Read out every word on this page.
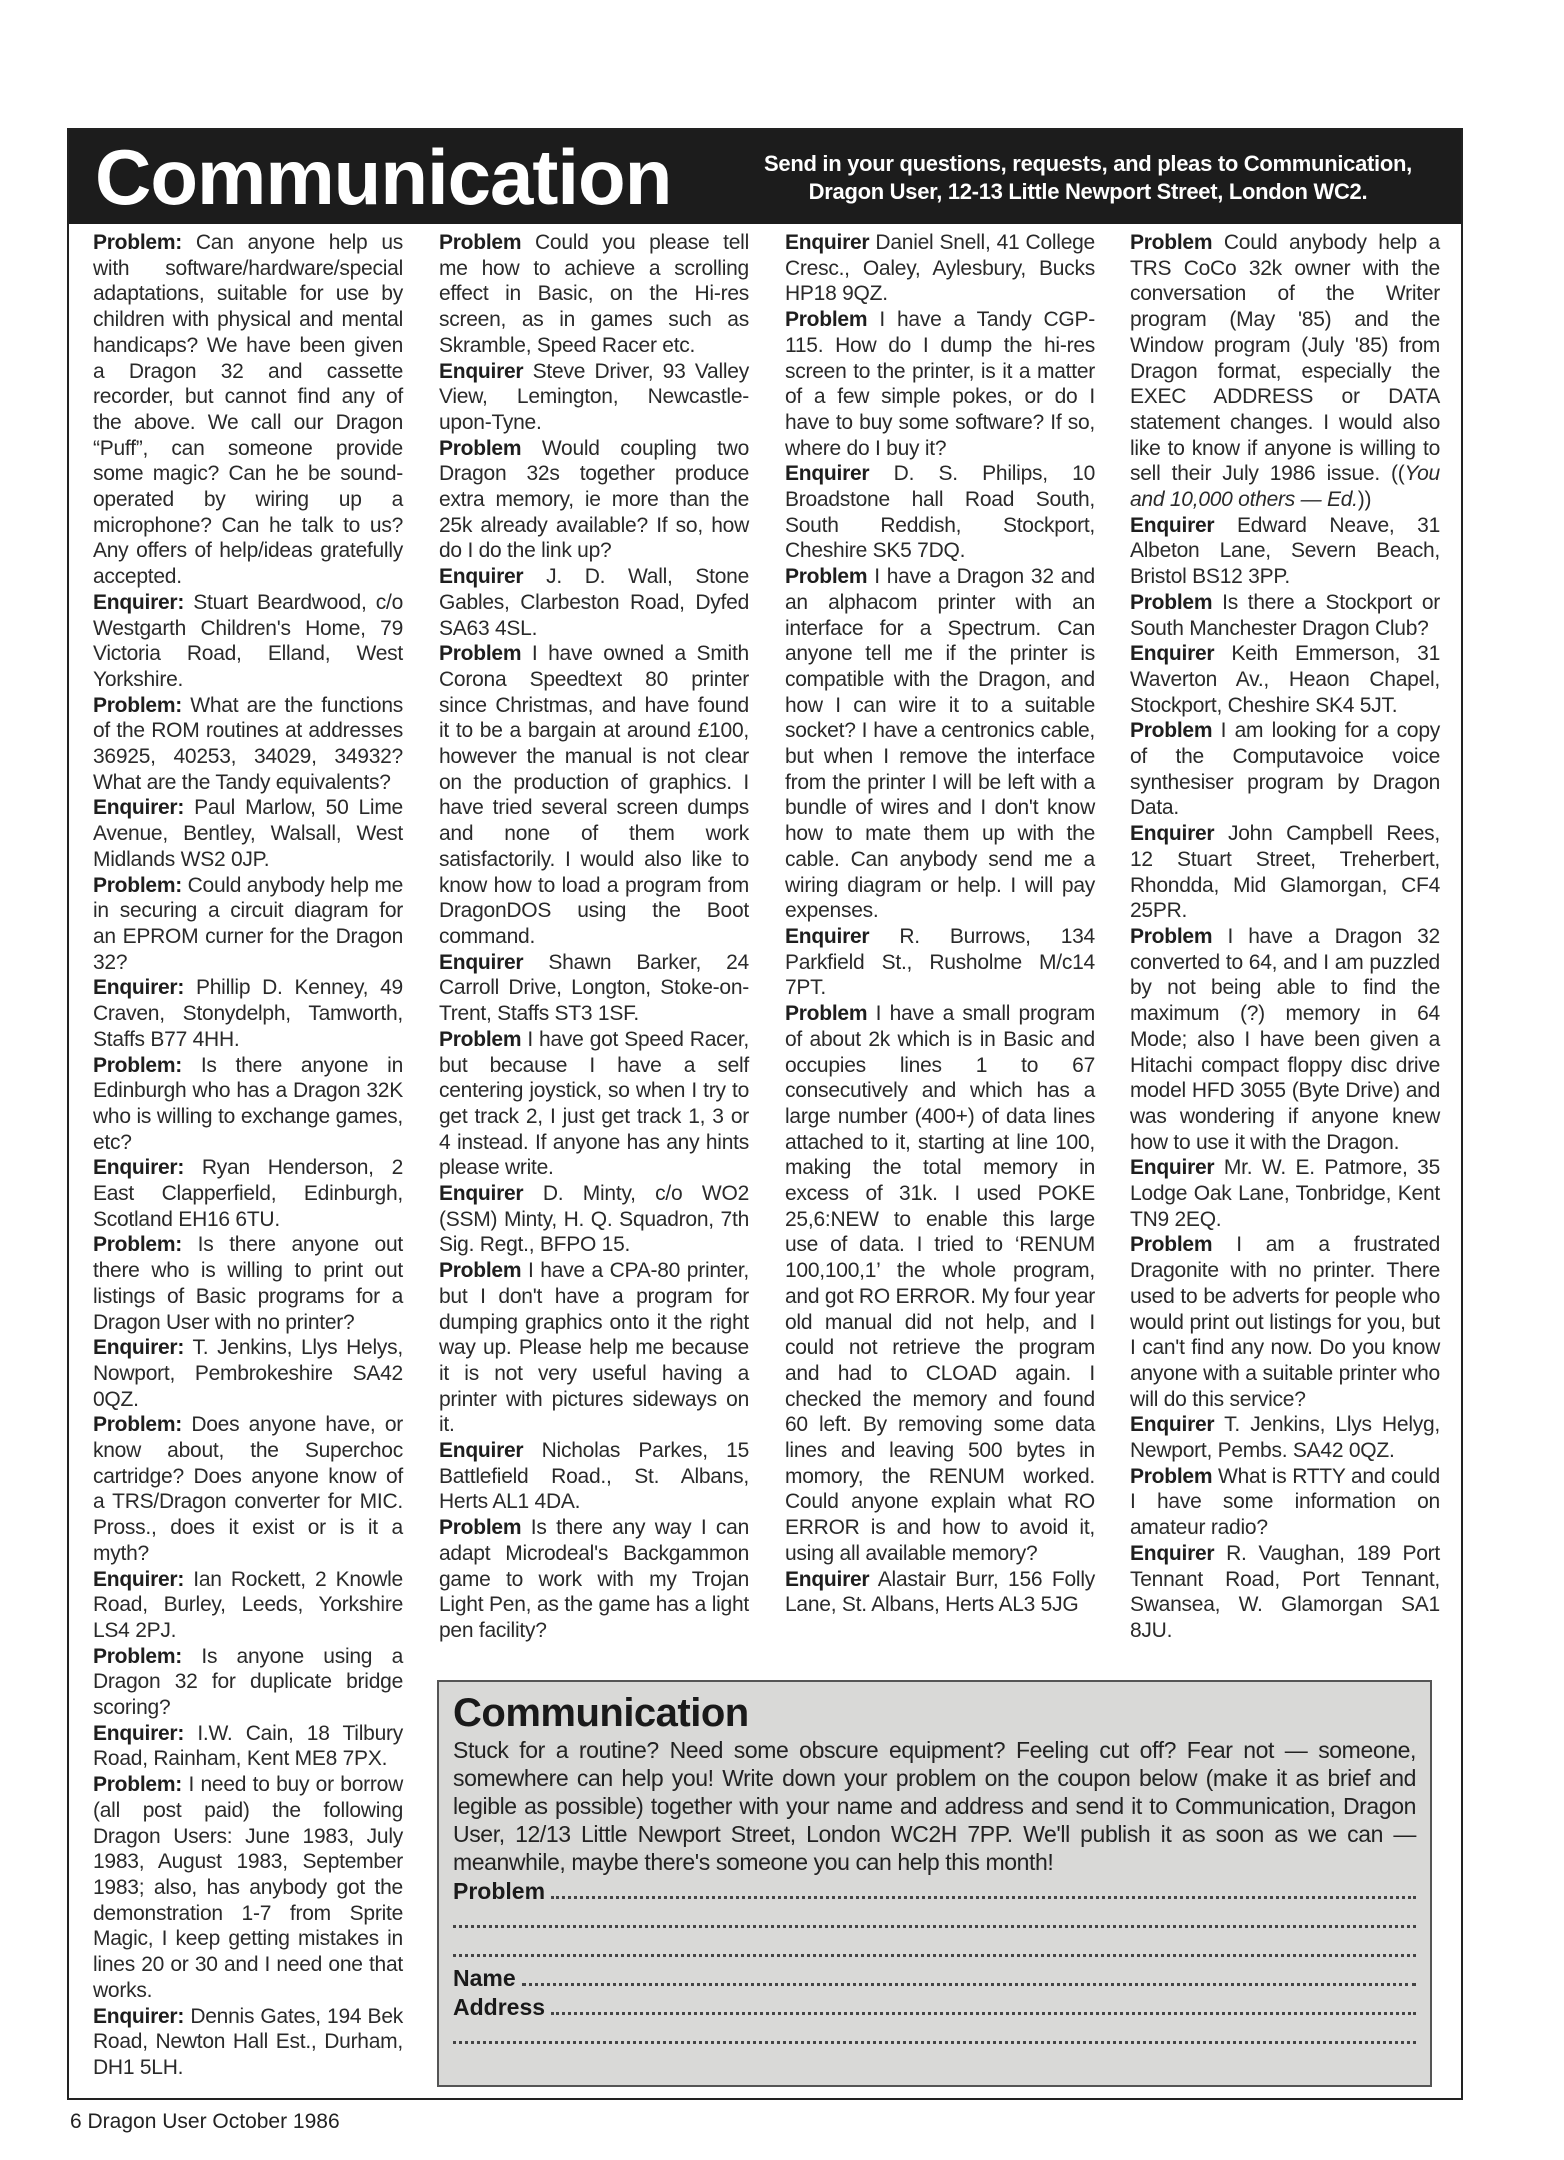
Communication	Send in your questions, requests, and pleas to Communication,
Dragon User, 12-13 Little Newport Street, London WC2.

Problem: Can anyone help us with software/hardware/special adaptations, suitable for use by children with physical and mental handicaps? We have been given a Dragon 32 and cassette recorder, but cannot find any of the above. We call our Dragon “Puff”, can someone provide some magic? Can he be sound-operated by wiring up a microphone? Can he talk to us? Any offers of help/ideas gratefully accepted.

Enquirer: Stuart Beardwood, c/o Westgarth Children's Home, 79 Victoria Road, Elland, West Yorkshire.

Problem: What are the functions of the ROM routines at addresses 36925, 40253, 34029, 34932? What are the Tandy equivalents?

Enquirer: Paul Marlow, 50 Lime Avenue, Bentley, Walsall, West Midlands WS2 0JP.

Problem: Could anybody help me in securing a circuit diagram for an EPROM curner for the Dragon 32?

Enquirer: Phillip D. Kenney, 49 Craven, Stonydelph, Tamworth, Staffs B77 4HH.

Problem: Is there anyone in Edinburgh who has a Dragon 32K who is willing to exchange games, etc?

Enquirer: Ryan Henderson, 2 East Clapperfield, Edinburgh, Scotland EH16 6TU.

Problem: Is there anyone out there who is willing to print out listings of Basic programs for a Dragon User with no printer?

Enquirer: T. Jenkins, Llys Helys, Nowport, Pembrokeshire SA42 0QZ.

Problem: Does anyone have, or know about, the Superchoc cartridge? Does anyone know of a TRS/Dragon converter for MIC. Pross., does it exist or is it a myth?

Enquirer: Ian Rockett, 2 Knowle Road, Burley, Leeds, Yorkshire LS4 2PJ.

Problem: Is anyone using a Dragon 32 for duplicate bridge scoring?

Enquirer: I.W. Cain, 18 Tilbury Road, Rainham, Kent ME8 7PX.

Problem: I need to buy or borrow (all post paid) the following Dragon Users: June 1983, July 1983, August 1983, September 1983; also, has anybody got the demonstration 1-7 from Sprite Magic, I keep getting mistakes in lines 20 or 30 and I need one that works.

Enquirer: Dennis Gates, 194 Bek Road, Newton Hall Est., Durham, DH1 5LH.

Problem Could you please tell me how to achieve a scrolling effect in Basic, on the Hi-res screen, as in games such as Skramble, Speed Racer etc.

Enquirer Steve Driver, 93 Valley View, Lemington, Newcastle-upon-Tyne.

Problem Would coupling two Dragon 32s together produce extra memory, ie more than the 25k already available? If so, how do I do the link up?

Enquirer J. D. Wall, Stone Gables, Clarbeston Road, Dyfed SA63 4SL.

Problem I have owned a Smith Corona Speedtext 80 printer since Christmas, and have found it to be a bargain at around £100, however the manual is not clear on the production of graphics. I have tried several screen dumps and none of them work satisfactorily. I would also like to know how to load a program from DragonDOS using the Boot command.

Enquirer Shawn Barker, 24 Carroll Drive, Longton, Stoke-on-Trent, Staffs ST3 1SF.

Problem I have got Speed Racer, but because I have a self centering joystick, so when I try to get track 2, I just get track 1, 3 or 4 instead. If anyone has any hints please write.

Enquirer D. Minty, c/o WO2 (SSM) Minty, H. Q. Squadron, 7th Sig. Regt., BFPO 15.

Problem I have a CPA-80 printer, but I don't have a program for dumping graphics onto it the right way up. Please help me because it is not very useful having a printer with pictures sideways on it.

Enquirer Nicholas Parkes, 15 Battlefield Road., St. Albans, Herts AL1 4DA.

Problem Is there any way I can adapt Microdeal's Backgammon game to work with my Trojan Light Pen, as the game has a light pen facility?

Enquirer Daniel Snell, 41 College Cresc., Oaley, Aylesbury, Bucks HP18 9QZ.

Problem I have a Tandy CGP-115. How do I dump the hi-res screen to the printer, is it a matter of a few simple pokes, or do I have to buy some software? If so, where do I buy it?

Enquirer D. S. Philips, 10 Broadstone hall Road South, South Reddish, Stockport, Cheshire SK5 7DQ.

Problem I have a Dragon 32 and an alphacom printer with an interface for a Spectrum. Can anyone tell me if the printer is compatible with the Dragon, and how I can wire it to a suitable socket? I have a centronics cable, but when I remove the interface from the printer I will be left with a bundle of wires and I don't know how to mate them up with the cable. Can anybody send me a wiring diagram or help. I will pay expenses.

Enquirer R. Burrows, 134 Parkfield St., Rusholme M/c14 7PT.

Problem I have a small program of about 2k which is in Basic and occupies lines 1 to 67 consecutively and which has a large number (400+) of data lines attached to it, starting at line 100, making the total memory in excess of 31k. I used POKE 25,6:NEW to enable this large use of data. I tried to ‘RENUM 100,100,1’ the whole program, and got RO ERROR. My four year old manual did not help, and I could not retrieve the program and had to CLOAD again. I checked the memory and found 60 left. By removing some data lines and leaving 500 bytes in momory, the RENUM worked. Could anyone explain what RO ERROR is and how to avoid it, using all available memory?

Enquirer Alastair Burr, 156 Folly Lane, St. Albans, Herts AL3 5JG

Problem Could anybody help a TRS CoCo 32k owner with the conversation of the Writer program (May '85) and the Window program (July '85) from Dragon format, especially the EXEC ADDRESS or DATA statement changes. I would also like to know if anyone is willing to sell their July 1986 issue. ((You and 10,000 others — Ed.))

Enquirer Edward Neave, 31 Albeton Lane, Severn Beach, Bristol BS12 3PP.

Problem Is there a Stockport or South Manchester Dragon Club?

Enquirer Keith Emmerson, 31 Waverton Av., Heaon Chapel, Stockport, Cheshire SK4 5JT.

Problem I am looking for a copy of the Computavoice voice synthesiser program by Dragon Data.

Enquirer John Campbell Rees, 12 Stuart Street, Treherbert, Rhondda, Mid Glamorgan, CF4 25PR.

Problem I have a Dragon 32 converted to 64, and I am puzzled by not being able to find the maximum (?) memory in 64 Mode; also I have been given a Hitachi compact floppy disc drive model HFD 3055 (Byte Drive) and was wondering if anyone knew how to use it with the Dragon.

Enquirer Mr. W. E. Patmore, 35 Lodge Oak Lane, Tonbridge, Kent TN9 2EQ.

Problem I am a frustrated Dragonite with no printer. There used to be adverts for people who would print out listings for you, but I can't find any now. Do you know anyone with a suitable printer who will do this service?

Enquirer T. Jenkins, Llys Helyg, Newport, Pembs. SA42 0QZ.

Problem What is RTTY and could I have some information on amateur radio?

Enquirer R. Vaughan, 189 Port Tennant Road, Port Tennant, Swansea, W. Glamorgan SA1 8JU.

Communication
Stuck for a routine? Need some obscure equipment? Feeling cut off? Fear not — someone, somewhere can help you! Write down your problem on the coupon below (make it as brief and legible as possible) together with your name and address and send it to Communication, Dragon User, 12/13 Little Newport Street, London WC2H 7PP. We'll publish it as soon as we can — meanwhile, maybe there's someone you can help this month!
Problem
Name
Address
6 Dragon User October 1986
